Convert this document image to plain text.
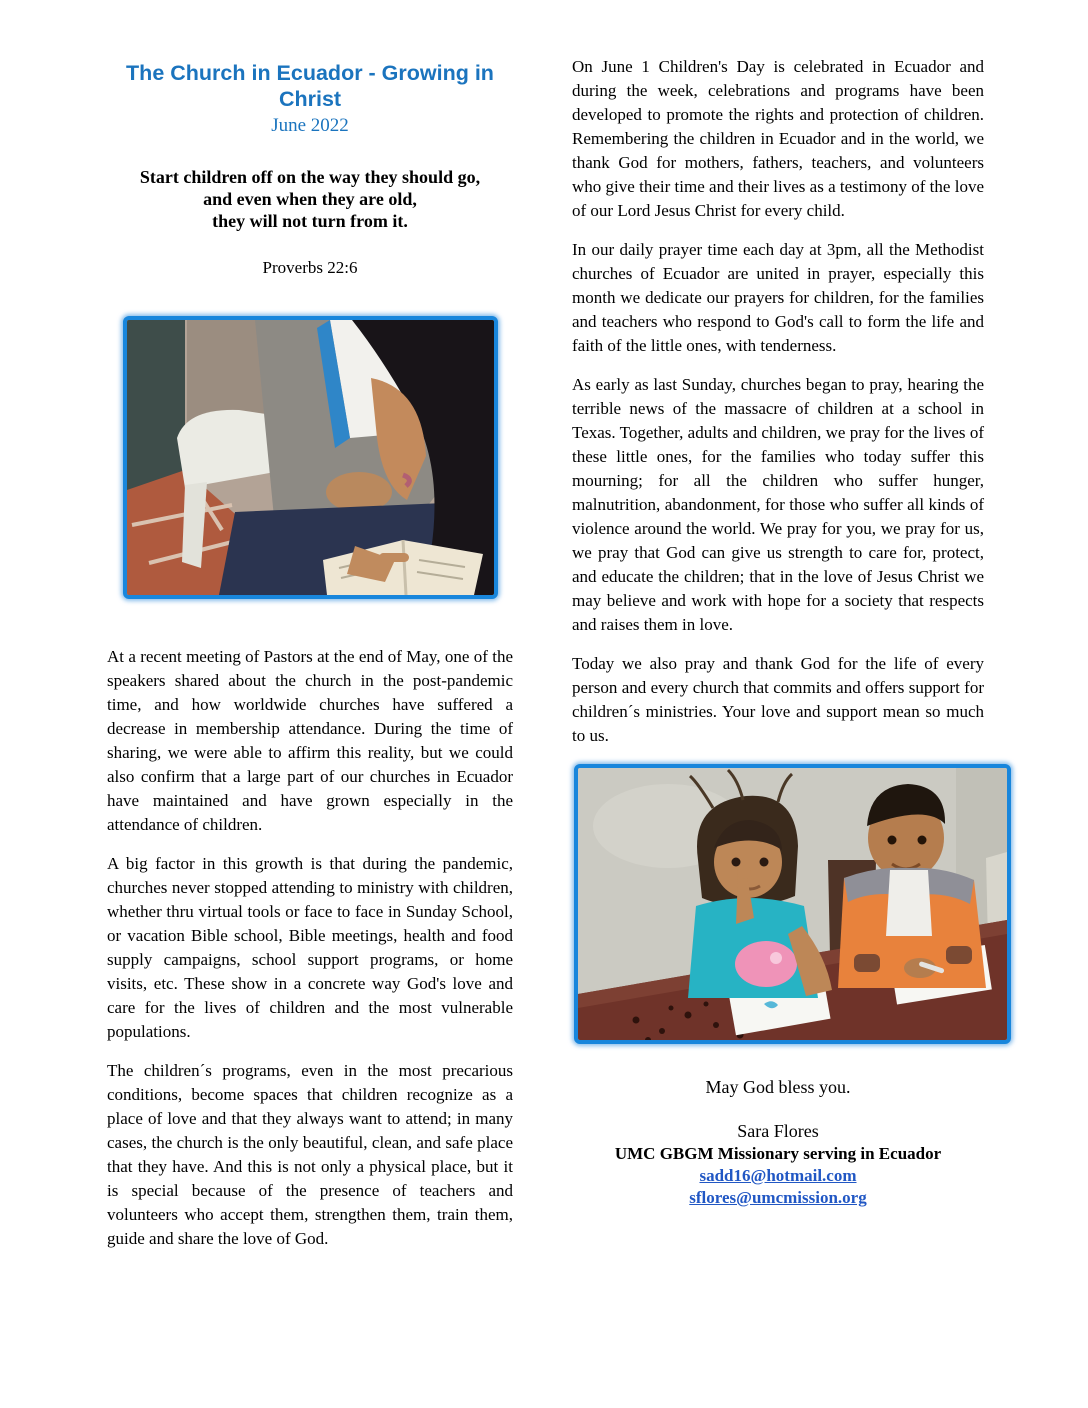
The Church in Ecuador - Growing in Christ
June 2022
Start children off on the way they should go,
and even when they are old,
they will not turn from it.
Proverbs 22:6

At a recent meeting of Pastors at the end of May, one of the speakers shared about the church in the post-pandemic time, and how worldwide churches have suffered a decrease in membership attendance. During the time of sharing, we were able to affirm this reality, but we could also confirm that a large part of our churches in Ecuador have maintained and have grown especially in the attendance of children.

A big factor in this growth is that during the pandemic, churches never stopped attending to ministry with children, whether thru virtual tools or face to face in Sunday School, or vacation Bible school, Bible meetings, health and food supply campaigns, school support programs, or home visits, etc. These show in a concrete way God's love and care for the lives of children and the most vulnerable populations.

The children´s programs, even in the most precarious conditions, become spaces that children recognize as a place of love and that they always want to attend; in many cases, the church is the only beautiful, clean, and safe place that they have. And this is not only a physical place, but it is special because of the presence of teachers and volunteers who accept them, strengthen them, train them, guide and share the love of God.

On June 1 Children's Day is celebrated in Ecuador and during the week, celebrations and programs have been developed to promote the rights and protection of children. Remembering the children in Ecuador and in the world, we thank God for mothers, fathers, teachers, and volunteers who give their time and their lives as a testimony of the love of our Lord Jesus Christ for every child.

In our daily prayer time each day at 3pm, all the Methodist churches of Ecuador are united in prayer, especially this month we dedicate our prayers for children, for the families and teachers who respond to God's call to form the life and faith of the little ones, with tenderness.

As early as last Sunday, churches began to pray, hearing the terrible news of the massacre of children at a school in Texas. Together, adults and children, we pray for the lives of these little ones, for the families who today suffer this mourning; for all the children who suffer hunger, malnutrition, abandonment, for those who suffer all kinds of violence around the world. We pray for you, we pray for us, we pray that God can give us strength to care for, protect, and educate the children; that in the love of Jesus Christ we may believe and work with hope for a society that respects and raises them in love.

Today we also pray and thank God for the life of every person and every church that commits and offers support for children´s ministries. Your love and support mean so much to us.

May God bless you.
Sara Flores
UMC GBGM Missionary serving in Ecuador
sadd16@hotmail.com
sflores@umcmission.org
